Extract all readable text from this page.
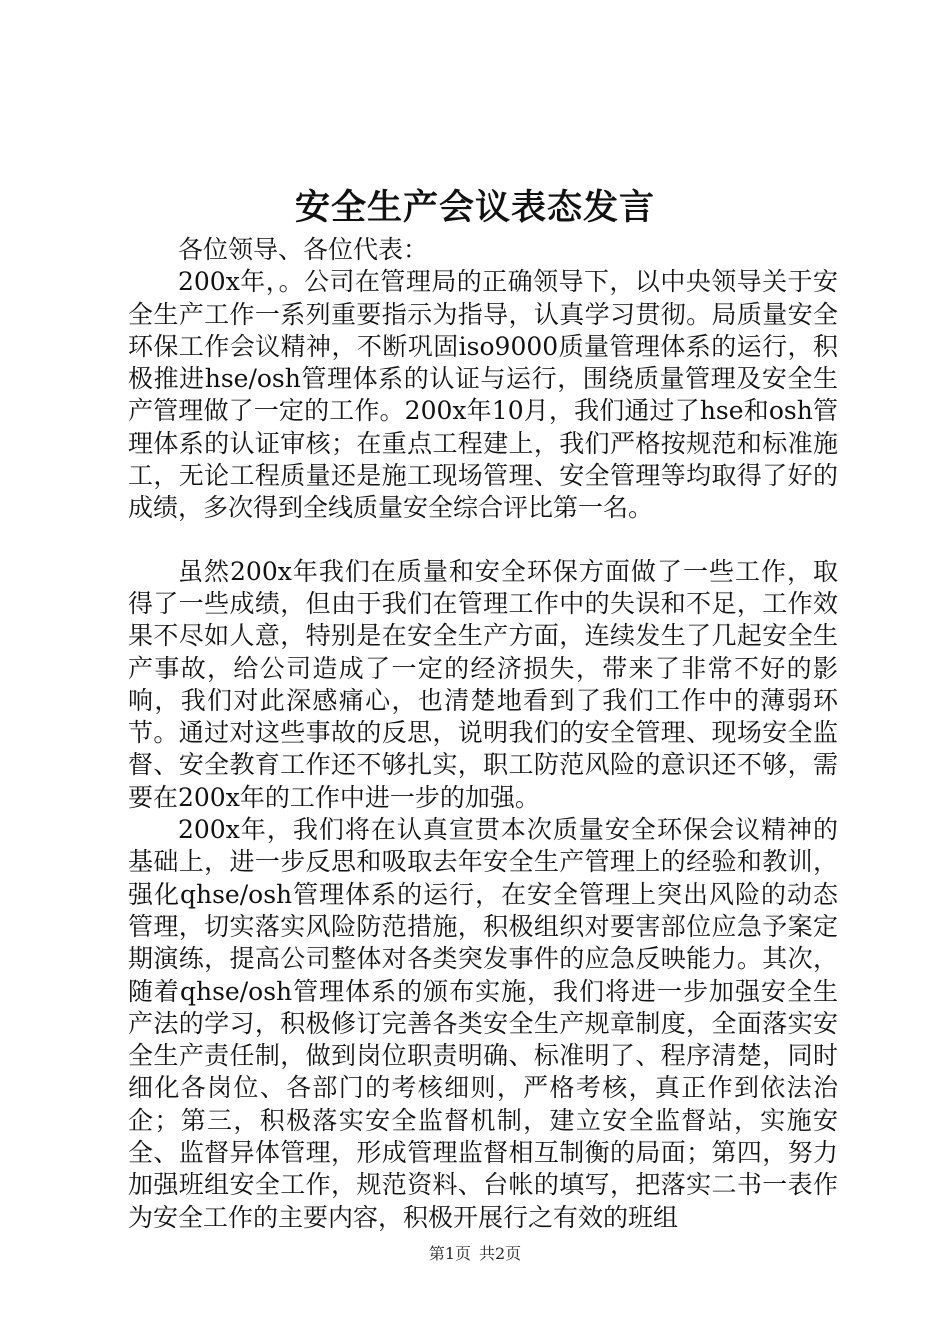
安全生产会议表态发言

各位领导、各位代表：

200x年，。公司在管理局的正确领导下，以中央领导关于安全生产工作一系列重要指示为指导，认真学习贯彻。局质量安全环保工作会议精神，不断巩固iso9000质量管理体系的运行，积极推进hse/osh管理体系的认证与运行，围绕质量管理及安全生产管理做了一定的工作。200x年10月，我们通过了hse和osh管理体系的认证审核；在重点工程建上，我们严格按规范和标准施工，无论工程质量还是施工现场管理、安全管理等均取得了好的成绩，多次得到全线质量安全综合评比第一名。

虽然200x年我们在质量和安全环保方面做了一些工作，取得了一些成绩，但由于我们在管理工作中的失误和不足，工作效果不尽如人意，特别是在安全生产方面，连续发生了几起安全生产事故，给公司造成了一定的经济损失，带来了非常不好的影响，我们对此深感痛心，也清楚地看到了我们工作中的薄弱环节。通过对这些事故的反思，说明我们的安全管理、现场安全监督、安全教育工作还不够扎实，职工防范风险的意识还不够，需要在200x年的工作中进一步的加强。

200x年，我们将在认真宣贯本次质量安全环保会议精神的基础上，进一步反思和吸取去年安全生产管理上的经验和教训，强化qhse/osh管理体系的运行，在安全管理上突出风险的动态管理，切实落实风险防范措施，积极组织对要害部位应急予案定期演练，提高公司整体对各类突发事件的应急反映能力。其次，随着qhse/osh管理体系的颁布实施，我们将进一步加强安全生产法的学习，积极修订完善各类安全生产规章制度，全面落实安全生产责任制，做到岗位职责明确、标准明了、程序清楚，同时细化各岗位、各部门的考核细则，严格考核，真正作到依法治企；第三，积极落实安全监督机制，建立安全监督站，实施安全、监督异体管理，形成管理监督相互制衡的局面；第四，努力加强班组安全工作，规范资料、台帐的填写，把落实二书一表作为安全工作的主要内容，积极开展行之有效的班组

第1页 共2页
